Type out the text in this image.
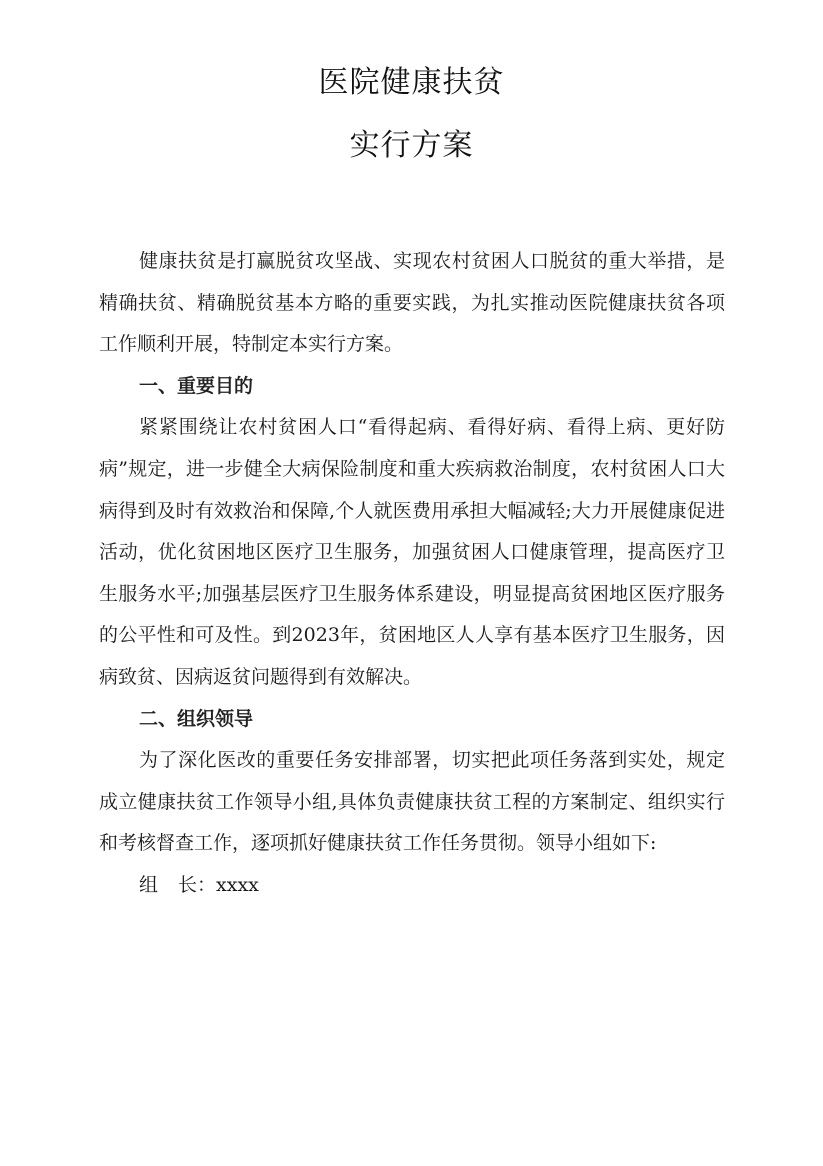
医院健康扶贫
实行方案

健康扶贫是打赢脱贫攻坚战、实现农村贫困人口脱贫的重大举措，是精确扶贫、精确脱贫基本方略的重要实践，为扎实推动医院健康扶贫各项工作顺利开展，特制定本实行方案。

一、重要目的

紧紧围绕让农村贫困人口“看得起病、看得好病、看得上病、更好防病”规定，进一步健全大病保险制度和重大疾病救治制度，农村贫困人口大病得到及时有效救治和保障,个人就医费用承担大幅减轻;大力开展健康促进活动，优化贫困地区医疗卫生服务，加强贫困人口健康管理，提高医疗卫生服务水平;加强基层医疗卫生服务体系建设，明显提高贫困地区医疗服务的公平性和可及性。到2023年，贫困地区人人享有基本医疗卫生服务，因病致贫、因病返贫问题得到有效解决。

二、组织领导

为了深化医改的重要任务安排部署，切实把此项任务落到实处，规定成立健康扶贫工作领导小组,具体负责健康扶贫工程的方案制定、组织实行和考核督查工作，逐项抓好健康扶贫工作任务贯彻。领导小组如下:

组 长：xxxx
